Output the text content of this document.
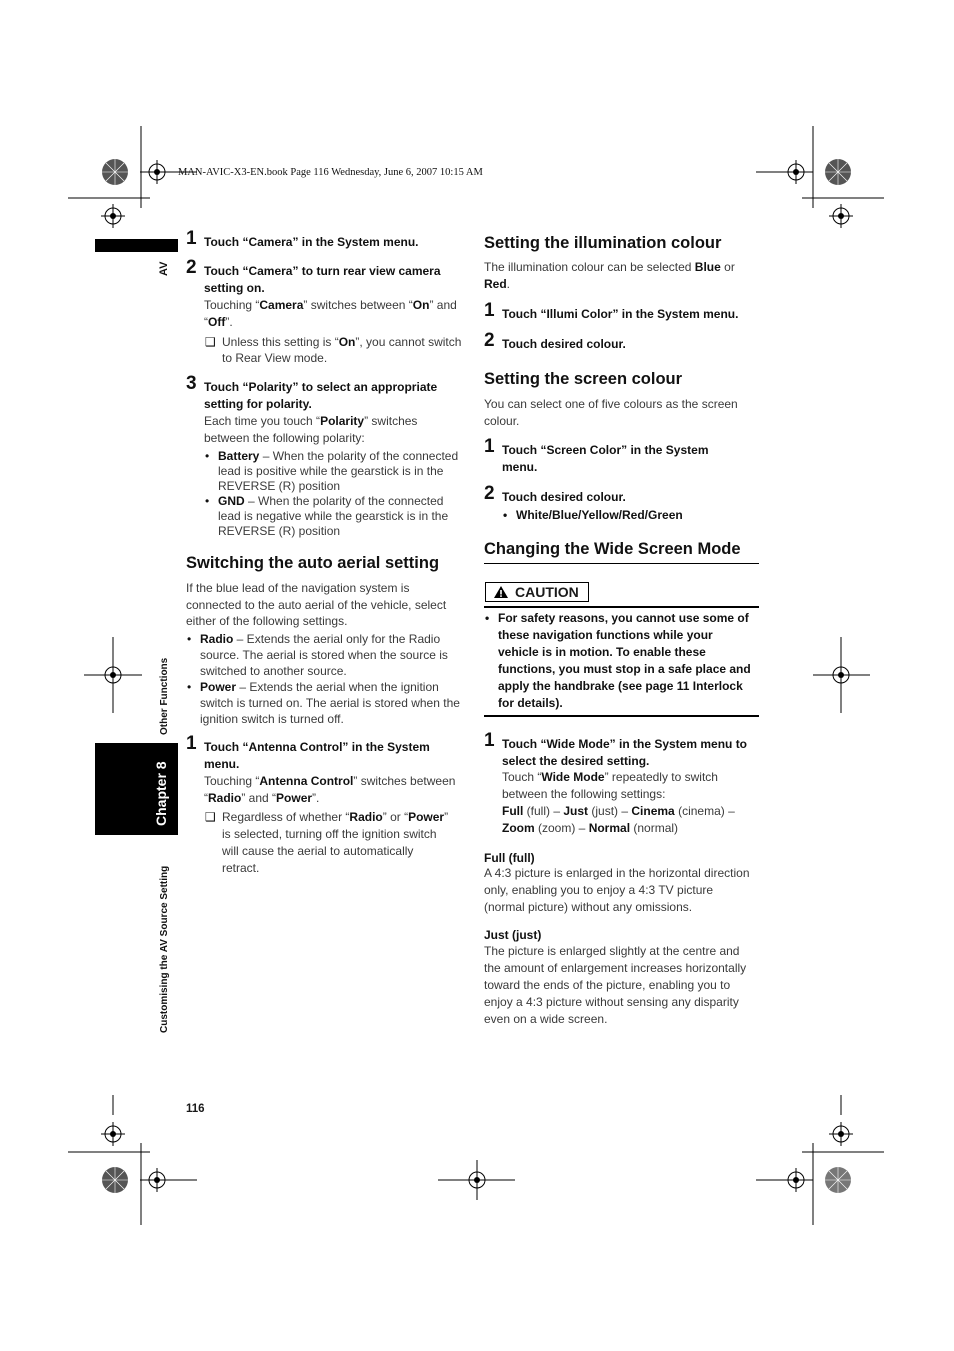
MAN-AVIC-X3-EN.book Page 116 Wednesday, June 6, 2007 10:15 AM
AV
Other Functions
Chapter 8
Customising the AV Source Setting
116
1 Touch “Camera” in the System menu.
2 Touch “Camera” to turn rear view camera setting on.
Touching “Camera” switches between “On” and “Off”.
❑ Unless this setting is “On”, you cannot switch to Rear View mode.
3 Touch “Polarity” to select an appropriate setting for polarity.
Each time you touch “Polarity” switches between the following polarity:
• Battery – When the polarity of the connected lead is positive while the gearstick is in the REVERSE (R) position
• GND – When the polarity of the connected lead is negative while the gearstick is in the REVERSE (R) position
Switching the auto aerial setting
If the blue lead of the navigation system is connected to the auto aerial of the vehicle, select either of the following settings.
• Radio – Extends the aerial only for the Radio source. The aerial is stored when the source is switched to another source.
• Power – Extends the aerial when the ignition switch is turned on. The aerial is stored when the ignition switch is turned off.
1 Touch “Antenna Control” in the System menu.
Touching “Antenna Control” switches between “Radio” and “Power”.
❑ Regardless of whether “Radio” or “Power” is selected, turning off the ignition switch will cause the aerial to automatically retract.
Setting the illumination colour
The illumination colour can be selected Blue or Red.
1 Touch “Illumi Color” in the System menu.
2 Touch desired colour.
Setting the screen colour
You can select one of five colours as the screen colour.
1 Touch “Screen Color” in the System menu.
2 Touch desired colour.
• White/Blue/Yellow/Red/Green
Changing the Wide Screen Mode
CAUTION
• For safety reasons, you cannot use some of these navigation functions while your vehicle is in motion. To enable these functions, you must stop in a safe place and apply the handbrake (see page 11 Interlock for details).
1 Touch “Wide Mode” in the System menu to select the desired setting.
Touch “Wide Mode” repeatedly to switch between the following settings:
Full (full) – Just (just) – Cinema (cinema) – Zoom (zoom) – Normal (normal)
Full (full)
A 4:3 picture is enlarged in the horizontal direction only, enabling you to enjoy a 4:3 TV picture (normal picture) without any omissions.
Just (just)
The picture is enlarged slightly at the centre and the amount of enlargement increases horizontally toward the ends of the picture, enabling you to enjoy a 4:3 picture without sensing any disparity even on a wide screen.
